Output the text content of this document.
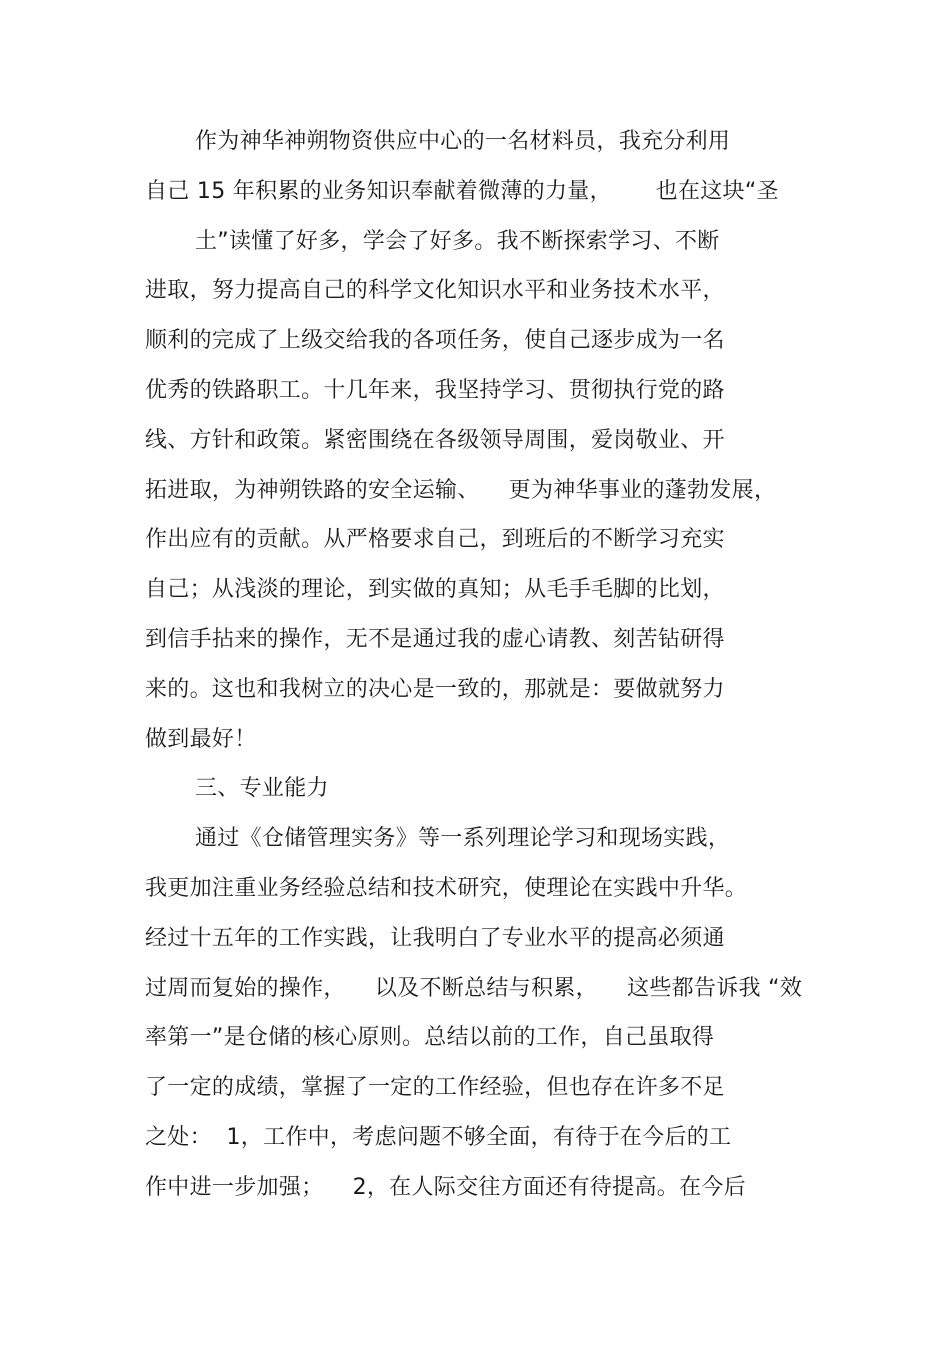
作为神华神朔物资供应中心的一名材料员，我充分利用
自己 15 年积累的业务知识奉献着微薄的力量，      也在这块“圣
土”读懂了好多，学会了好多。我不断探索学习、不断
进取，努力提高自己的科学文化知识水平和业务技术水平，
顺利的完成了上级交给我的各项任务，使自己逐步成为一名
优秀的铁路职工。十几年来，我坚持学习、贯彻执行党的路
线、方针和政策。紧密围绕在各级领导周围，爱岗敬业、开
拓进取，为神朔铁路的安全运输、    更为神华事业的蓬勃发展，
作出应有的贡献。从严格要求自己，到班后的不断学习充实
自己；从浅淡的理论，到实做的真知；从毛手毛脚的比划，
到信手拈来的操作，无不是通过我的虚心请教、刻苦钻研得
来的。这也和我树立的决心是一致的，那就是：要做就努力
做到最好！
三、专业能力
通过《仓储管理实务》等一系列理论学习和现场实践，
我更加注重业务经验总结和技术研究，使理论在实践中升华。
经过十五年的工作实践，让我明白了专业水平的提高必须通
过周而复始的操作，    以及不断总结与积累，    这些都告诉我 “效
率第一”是仓储的核心原则。总结以前的工作，自己虽取得
了一定的成绩，掌握了一定的工作经验，但也存在许多不足
之处：  1，工作中，考虑问题不够全面，有待于在今后的工
作中进一步加强；    2，在人际交往方面还有待提高。在今后
